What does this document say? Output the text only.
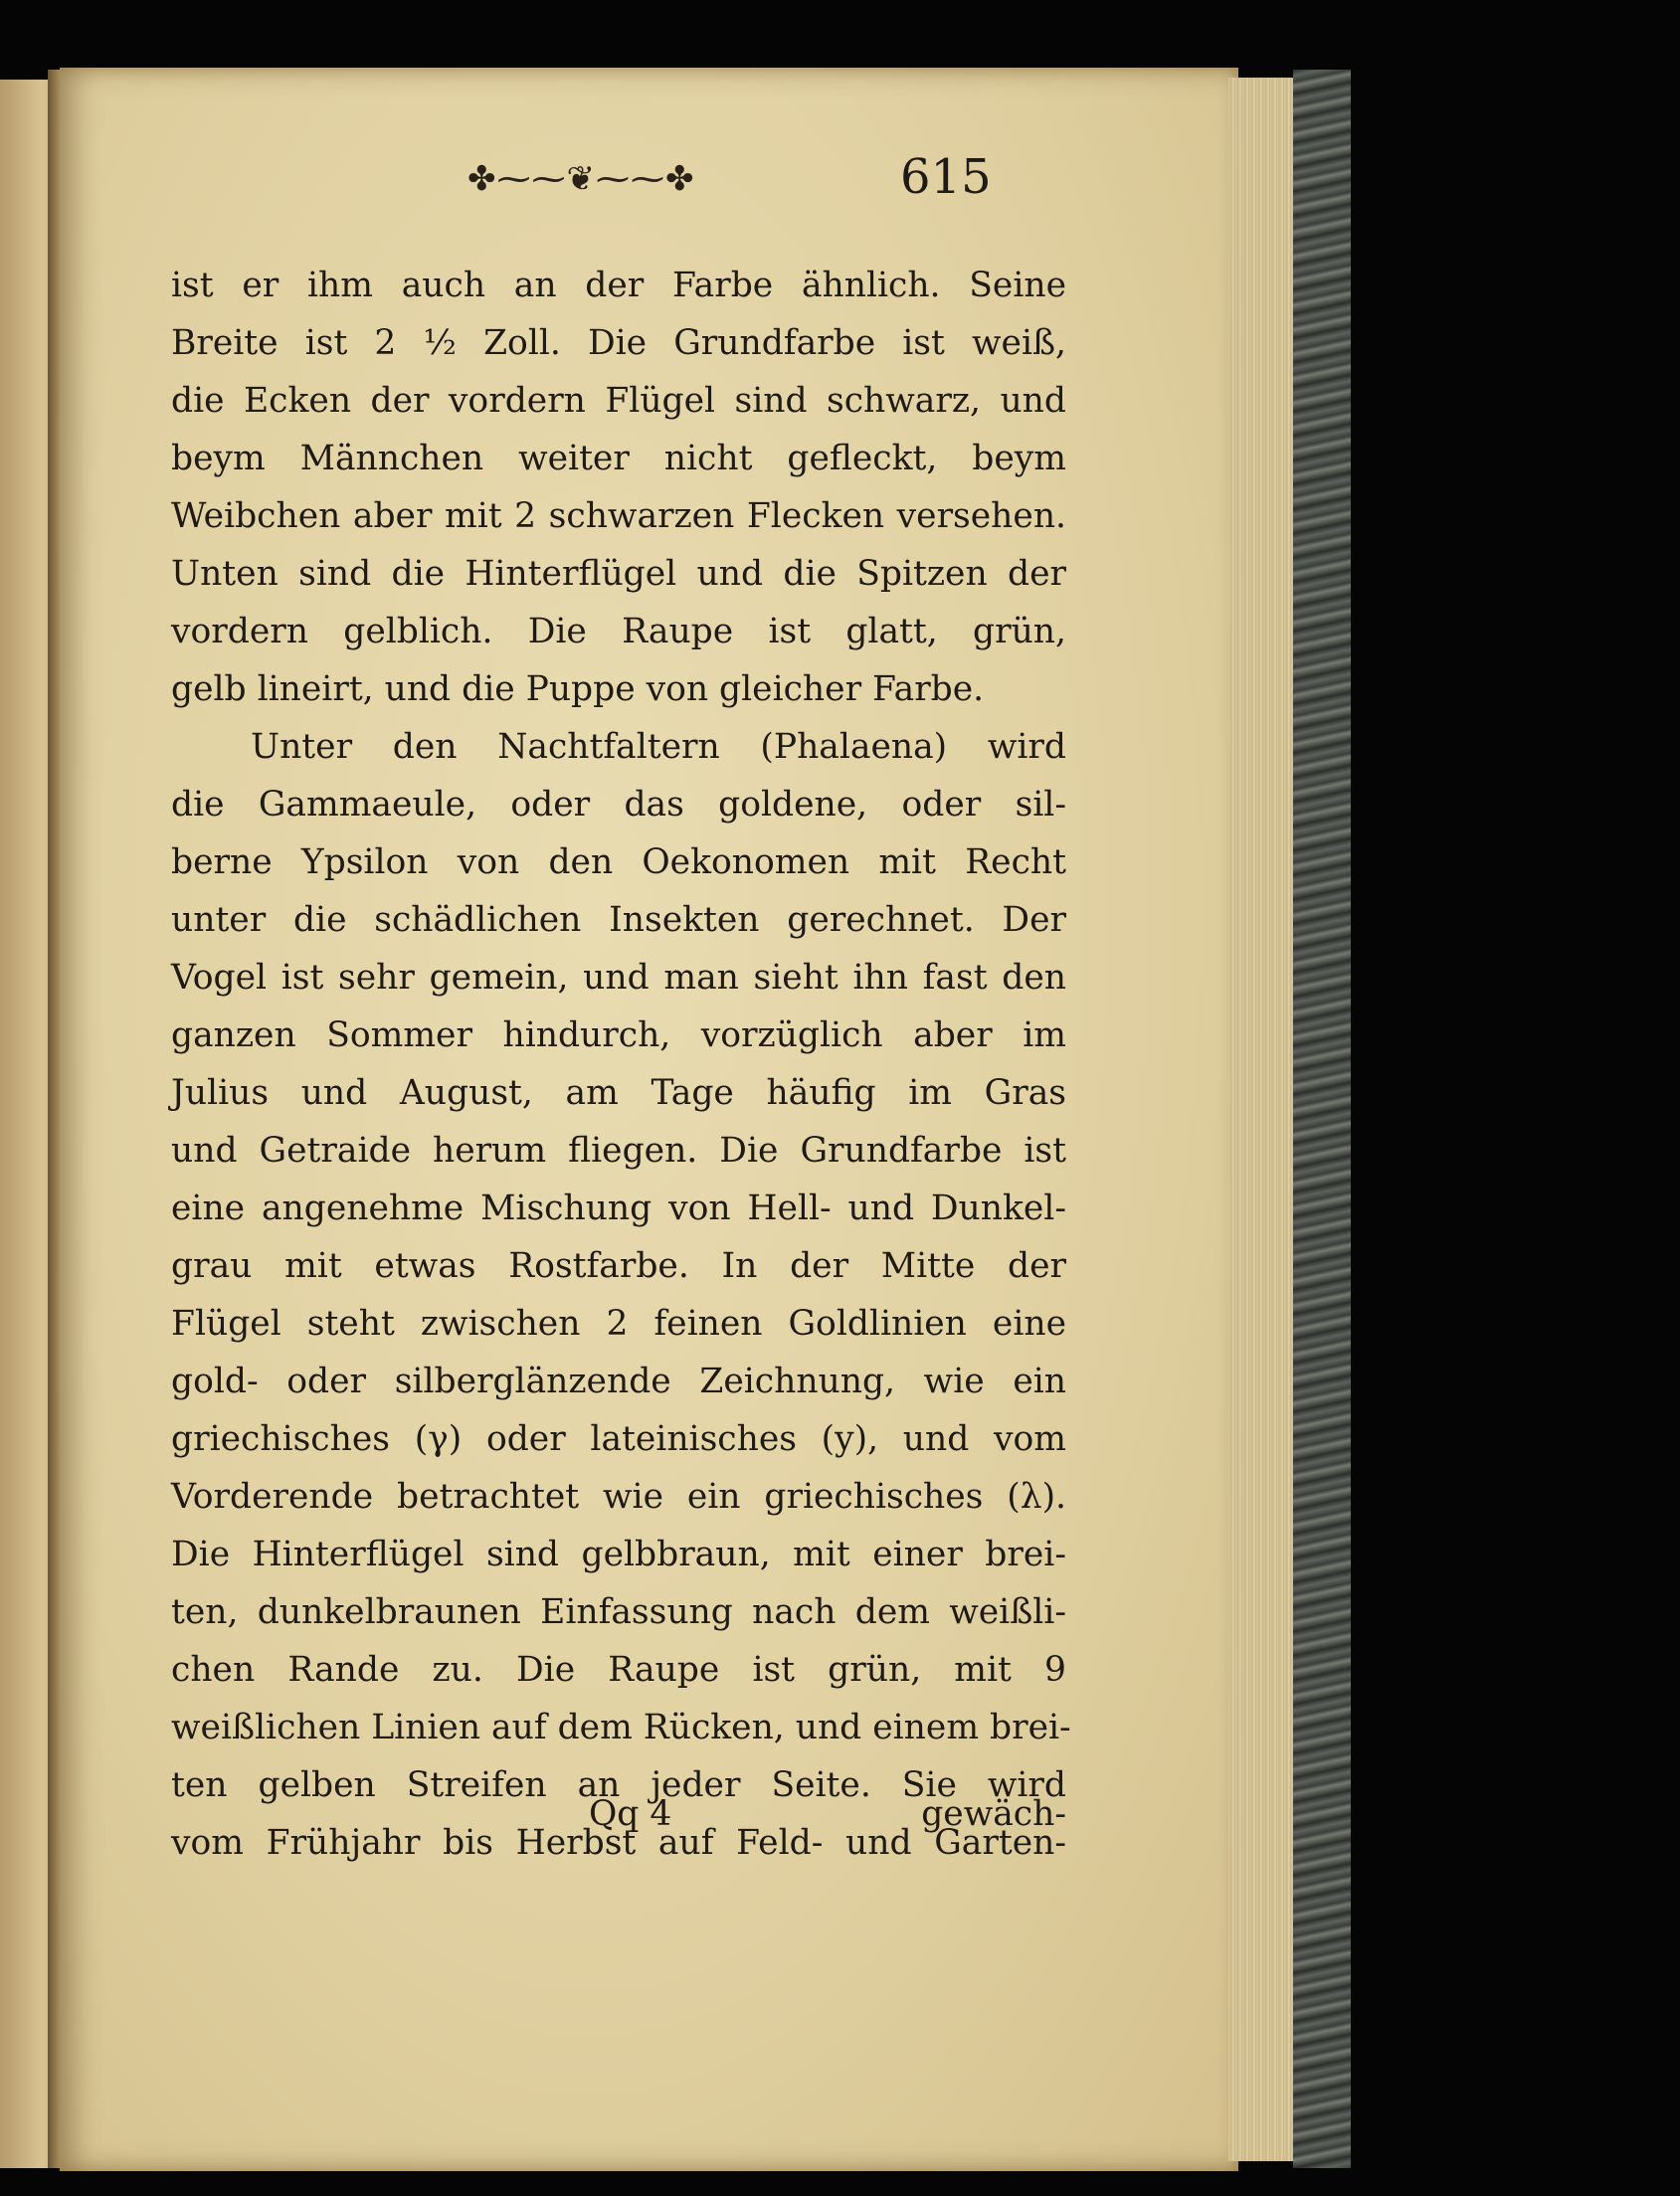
✤⁓⁓❦⁓⁓✤	615
ist er ihm auch an der Farbe ähnlich. Seine
Breite ist 2 ½ Zoll. Die Grundfarbe ist weiß,
die Ecken der vordern Flügel sind schwarz, und
beym Männchen weiter nicht gefleckt, beym
Weibchen aber mit 2 schwarzen Flecken versehen.
Unten sind die Hinterflügel und die Spitzen der
vordern gelblich. Die Raupe ist glatt, grün,
gelb lineirt, und die Puppe von gleicher Farbe.
Unter den Nachtfaltern (Phalaena) wird
die Gammaeule, oder das goldene, oder sil-
berne Ypsilon von den Oekonomen mit Recht
unter die schädlichen Insekten gerechnet. Der
Vogel ist sehr gemein, und man sieht ihn fast den
ganzen Sommer hindurch, vorzüglich aber im
Julius und August, am Tage häufig im Gras
und Getraide herum fliegen. Die Grundfarbe ist
eine angenehme Mischung von Hell- und Dunkel-
grau mit etwas Rostfarbe. In der Mitte der
Flügel steht zwischen 2 feinen Goldlinien eine
gold- oder silberglänzende Zeichnung, wie ein
griechisches (γ) oder lateinisches (y), und vom
Vorderende betrachtet wie ein griechisches (λ).
Die Hinterflügel sind gelbbraun, mit einer brei-
ten, dunkelbraunen Einfassung nach dem weißli-
chen Rande zu. Die Raupe ist grün, mit 9
weißlichen Linien auf dem Rücken, und einem brei-
ten gelben Streifen an jeder Seite. Sie wird
vom Frühjahr bis Herbst auf Feld- und Garten-
Qq 4	gewäch-
